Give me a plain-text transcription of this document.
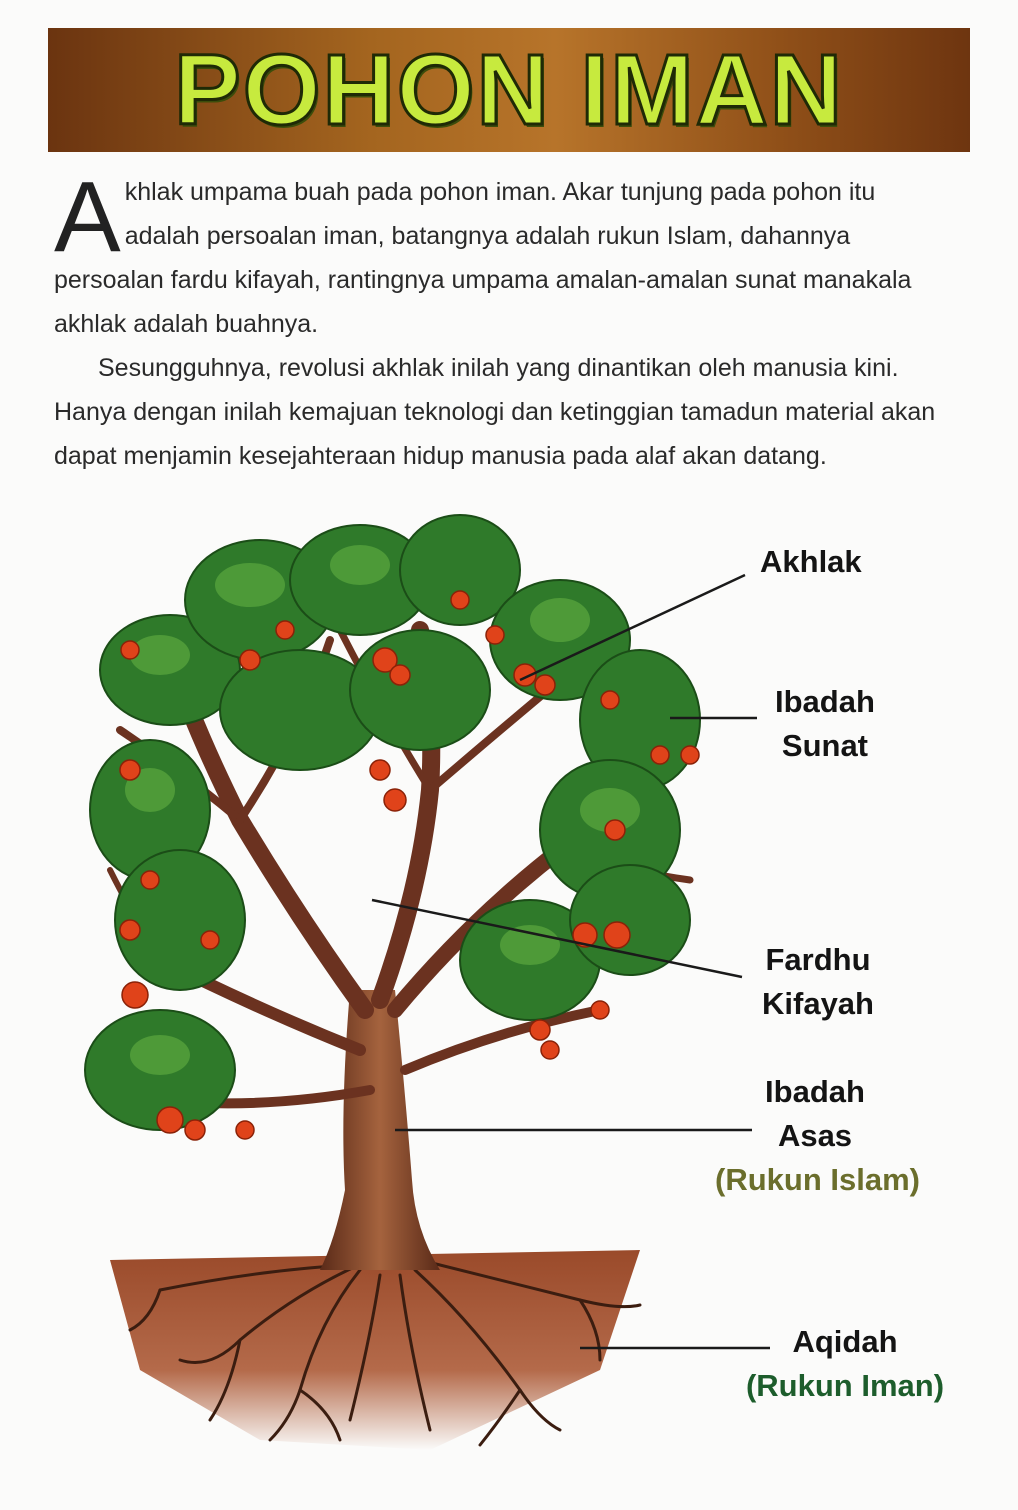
POHON IMAN

Akhlak umpama buah pada pohon iman. Akar tunjung pada pohon itu adalah persoalan iman, batangnya adalah rukun Islam, dahannya persoalan fardu kifayah, rantingnya umpama amalan-amalan sunat manakala akhlak adalah buahnya.

Sesungguhnya, revolusi akhlak inilah yang dinantikan oleh manusia kini. Hanya dengan inilah kemajuan teknologi dan ketinggian tamadun material akan dapat menjamin kesejahteraan hidup manusia pada alaf akan datang.

Akhlak
Ibadah
Sunat
Fardhu
Kifayah
Ibadah
Asas
(Rukun Islam)
Aqidah
(Rukun Iman)
